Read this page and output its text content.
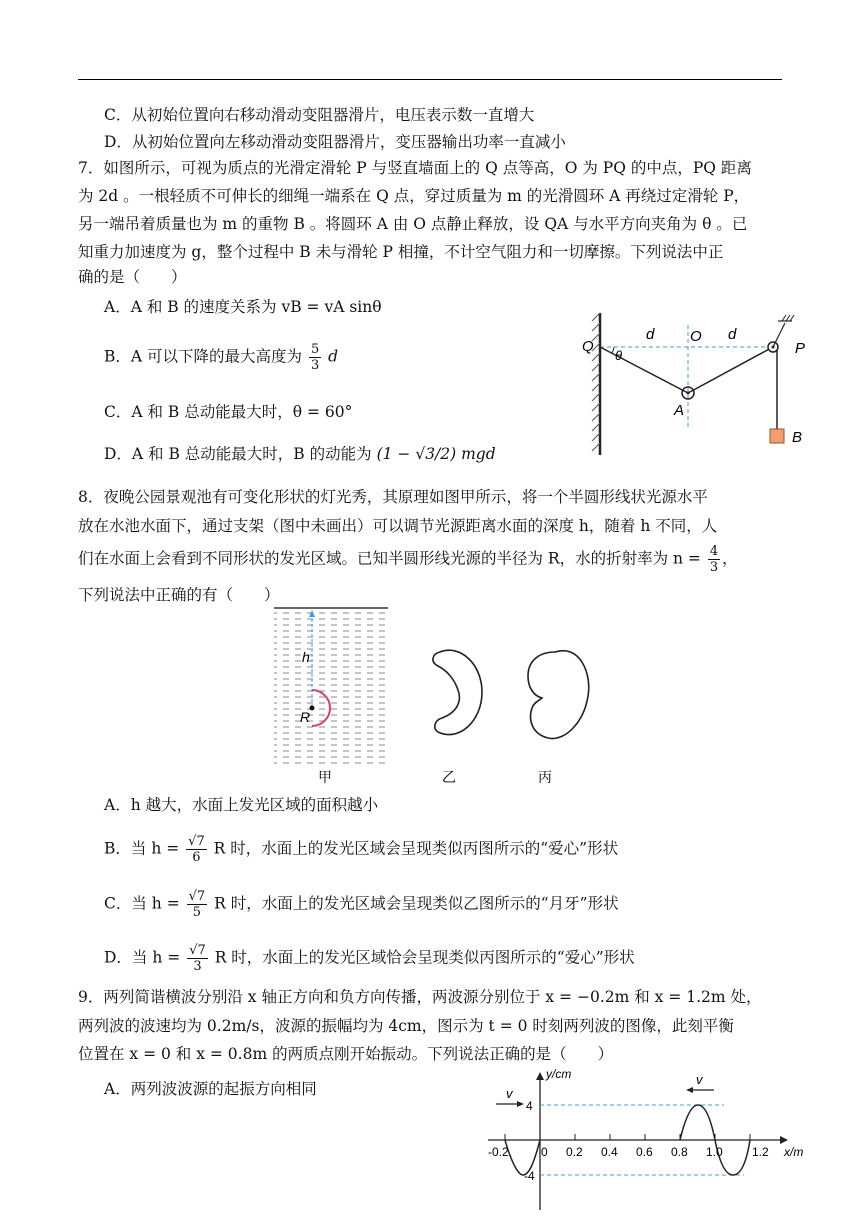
C．从初始位置向右移动滑动变阻器滑片，电压表示数一直增大
D．从初始位置向左移动滑动变阻器滑片，变压器输出功率一直减小
7．如图所示，可视为质点的光滑定滑轮 P 与竖直墙面上的 Q 点等高，O 为 PQ 的中点，PQ 距离
为 2d 。一根轻质不可伸长的细绳一端系在 Q 点，穿过质量为 m 的光滑圆环 A 再绕过定滑轮 P，
另一端吊着质量也为 m 的重物 B 。将圆环 A 由 O 点静止释放，设 QA 与水平方向夹角为 θ 。已
知重力加速度为 g，整个过程中 B 未与滑轮 P 相撞，不计空气阻力和一切摩擦。下列说法中正
确的是（　　）
A．A 和 B 的速度关系为 vB = vA sinθ
B．A 可以下降的最大高度为 $\frac{5}{3}$ d
C．A 和 B 总动能最大时，θ = 60°
D．A 和 B 总动能最大时，B 的动能为 (1 − √3/2) mgd
Q	P
O
A
B
d	d
θ
8．夜晚公园景观池有可变化形状的灯光秀，其原理如图甲所示，将一个半圆形线状光源水平
放在水池水面下，通过支架（图中未画出）可以调节光源距离水面的深度 h，随着 h 不同，人
们在水面上会看到不同形状的发光区域。已知半圆形线光源的半径为 R，水的折射率为 $n = \frac{4}{3}$ ，
下列说法中正确的有（　　）
h
R
甲	乙	丙
A．h 越大，水面上发光区域的面积越小
B．当 $h = \frac{√7}{6}$ R 时，水面上的发光区域会呈现类似丙图所示的“爱心”形状
C．当 $h = \frac{√7}{5}$ R 时，水面上的发光区域会呈现类似乙图所示的“月牙”形状
D．当 $h = \frac{√7}{3}$ R 时，水面上的发光区域恰会呈现类似丙图所示的“爱心”形状
9．两列简谐横波分别沿 x 轴正方向和负方向传播，两波源分别位于 x = −0.2m 和 x = 1.2m 处，
两列波的波速均为 0.2m/s，波源的振幅均为 4cm，图示为 t = 0 时刻两列波的图像，此刻平衡
位置在 x = 0 和 x = 0.8m 的两质点刚开始振动。下列说法正确的是（　　）
A．两列波波源的起振方向相同	v
v
y/cm
x/m
4
-4
0
-0.2	0.2 0.4 0.6 0.8 1.0 1.2
